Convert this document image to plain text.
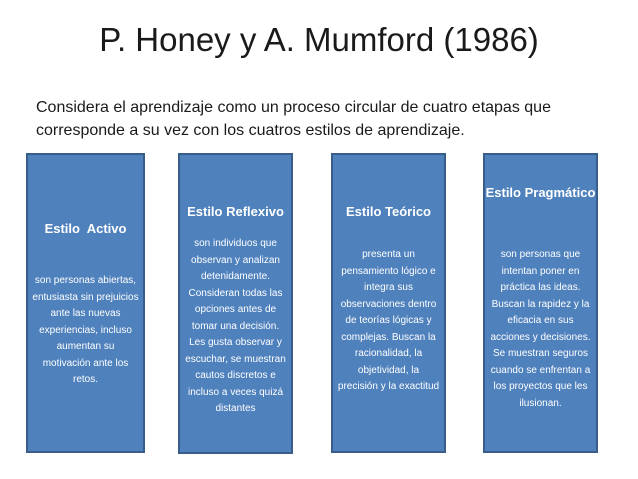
P. Honey y A. Mumford (1986)
Considera el aprendizaje como un proceso circular de cuatro etapas que corresponde a su vez con los cuatros estilos de aprendizaje.
Estilo  Activo
son personas abiertas, entusiasta sin prejuicios ante las nuevas experiencias, incluso aumentan su motivación ante los retos.
Estilo Reflexivo
son individuos que observan y analizan detenidamente. Consideran todas las opciones antes de tomar una decisión. Les gusta observar y escuchar, se muestran cautos discretos e incluso a veces quizá distantes
Estilo Teórico
presenta un pensamiento lógico e integra sus observaciones dentro de teorías lógicas y complejas. Buscan la racionalidad, la objetividad, la precisión y la exactitud
Estilo Pragmático
son personas que intentan poner en práctica las ideas. Buscan la rapidez y la eficacia en sus acciones y decisiones. Se muestran seguros cuando se enfrentan a los proyectos que les ilusionan.
